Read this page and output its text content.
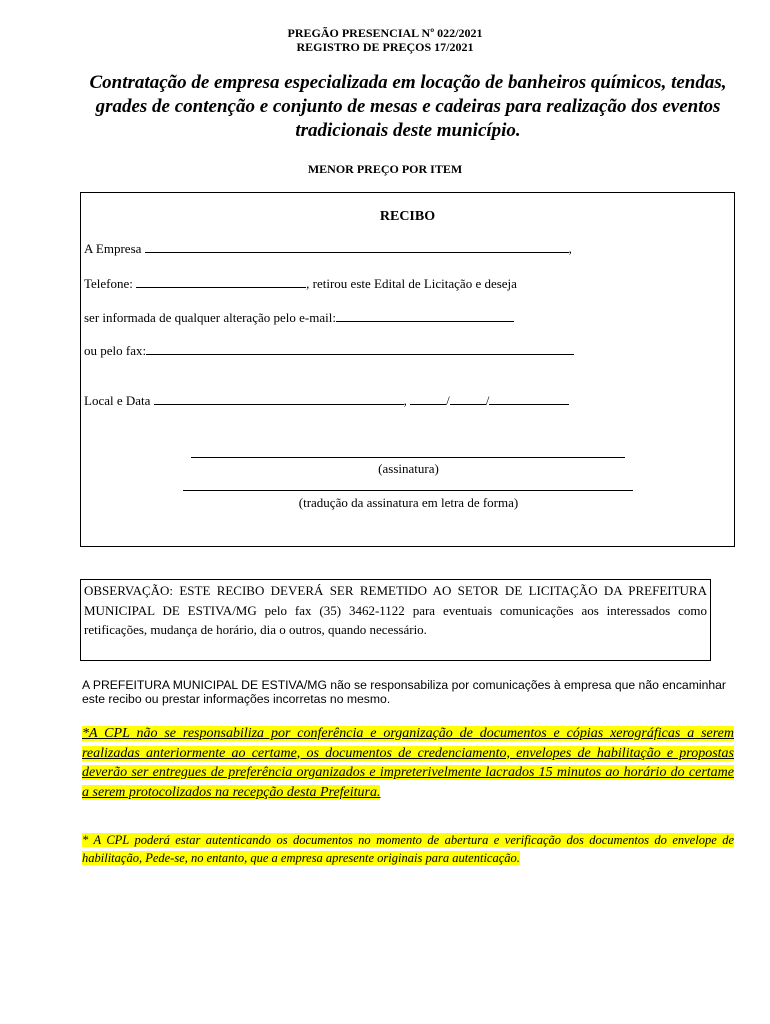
PREGÃO PRESENCIAL Nº 022/2021
REGISTRO DE PREÇOS 17/2021
Contratação de empresa especializada em locação de banheiros químicos, tendas, grades de contenção e conjunto de mesas e cadeiras para realização dos eventos tradicionais deste município.
MENOR PREÇO POR ITEM
RECIBO
A Empresa	,
Telefone:	, retirou este Edital de Licitação e deseja
ser informada de qualquer alteração pelo e-mail:
ou pelo fax:
Local e Data	,	/	/
(assinatura)
(tradução da assinatura em letra de forma)
OBSERVAÇÃO: ESTE RECIBO DEVERÁ SER REMETIDO AO SETOR DE LICITAÇÃO DA PREFEITURA MUNICIPAL DE ESTIVA/MG pelo fax (35) 3462-1122 para eventuais comunicações aos interessados como retificações, mudança de horário, dia o outros, quando necessário.
A PREFEITURA MUNICIPAL DE ESTIVA/MG não se responsabiliza por comunicações à empresa que não encaminhar este recibo ou prestar informações incorretas no mesmo.
*A CPL não se responsabiliza por conferência e organização de documentos e cópias xerográficas a serem realizadas anteriormente ao certame, os documentos de credenciamento, envelopes de habilitação e propostas deverão ser entregues de preferência organizados e impreterivelmente lacrados 15 minutos ao horário do certame a serem protocolizados na recepção desta Prefeitura.
* A CPL poderá estar autenticando os documentos no momento de abertura e verificação dos documentos do envelope de habilitação, Pede-se, no entanto, que a empresa apresente originais para autenticação.
